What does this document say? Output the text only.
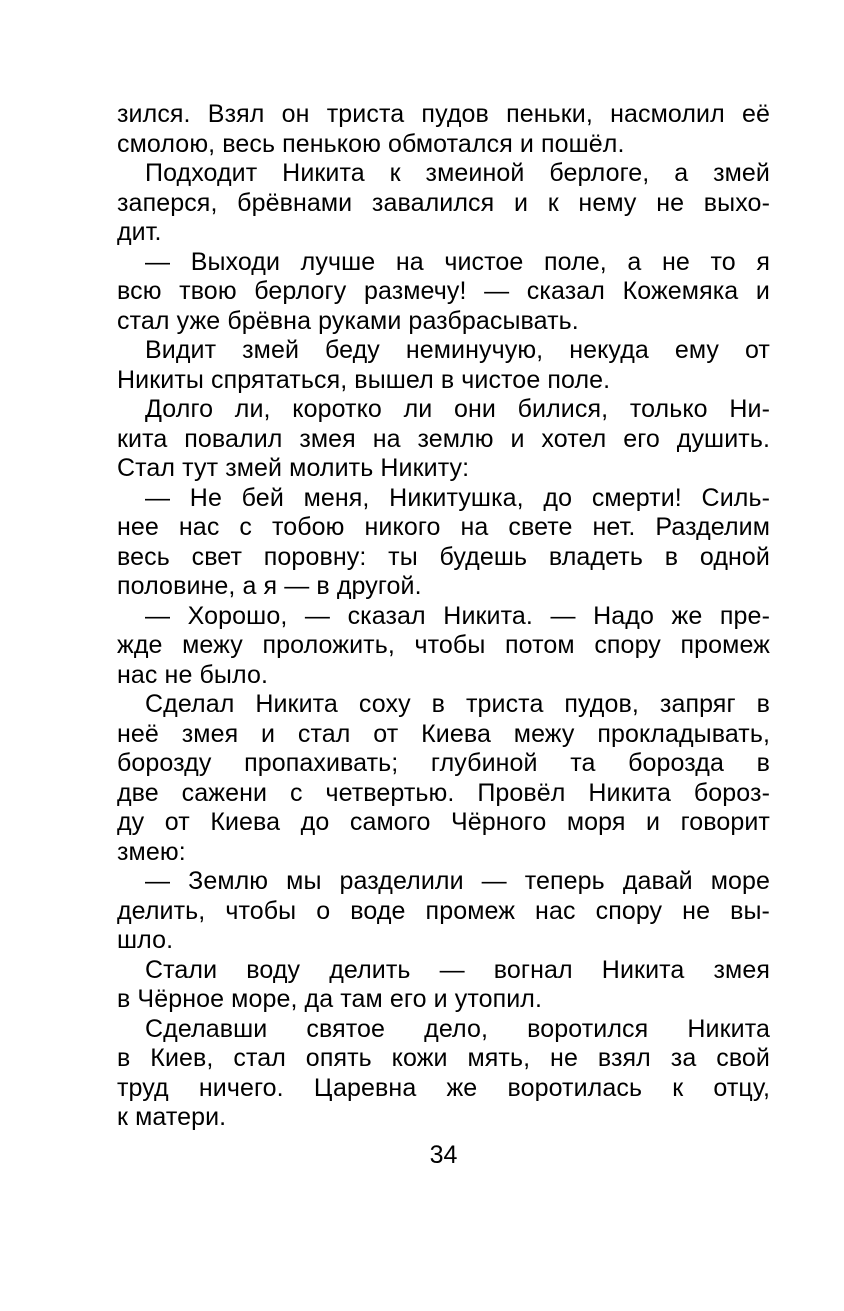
зился. Взял он триста пудов пеньки, насмолил её
смолою, весь пенькою обмотался и пошёл.
Подходит Никита к змеиной берлоге, а змей
заперся, брёвнами завалился и к нему не выхо-
дит.
— Выходи лучше на чистое поле, а не то я
всю твою берлогу размечу! — сказал Кожемяка и
стал уже брёвна руками разбрасывать.
Видит змей беду неминучую, некуда ему от
Никиты спрятаться, вышел в чистое поле.
Долго ли, коротко ли они билися, только Ни-
кита повалил змея на землю и хотел его душить.
Стал тут змей молить Никиту:
— Не бей меня, Никитушка, до смерти! Силь-
нее нас с тобою никого на свете нет. Разделим
весь свет поровну: ты будешь владеть в одной
половине, а я — в другой.
— Хорошо, — сказал Никита. — Надо же пре-
жде межу проложить, чтобы потом спору промеж
нас не было.
Сделал Никита соху в триста пудов, запряг в
неё змея и стал от Киева межу прокладывать,
борозду пропахивать; глубиной та борозда в
две сажени с четвертью. Провёл Никита бороз-
ду от Киева до самого Чёрного моря и говорит
змею:
— Землю мы разделили — теперь давай море
делить, чтобы о воде промеж нас спору не вы-
шло.
Стали воду делить — вогнал Никита змея
в Чёрное море, да там его и утопил.
Сделавши святое дело, воротился Никита
в Киев, стал опять кожи мять, не взял за свой
труд ничего. Царевна же воротилась к отцу,
к матери.
34
